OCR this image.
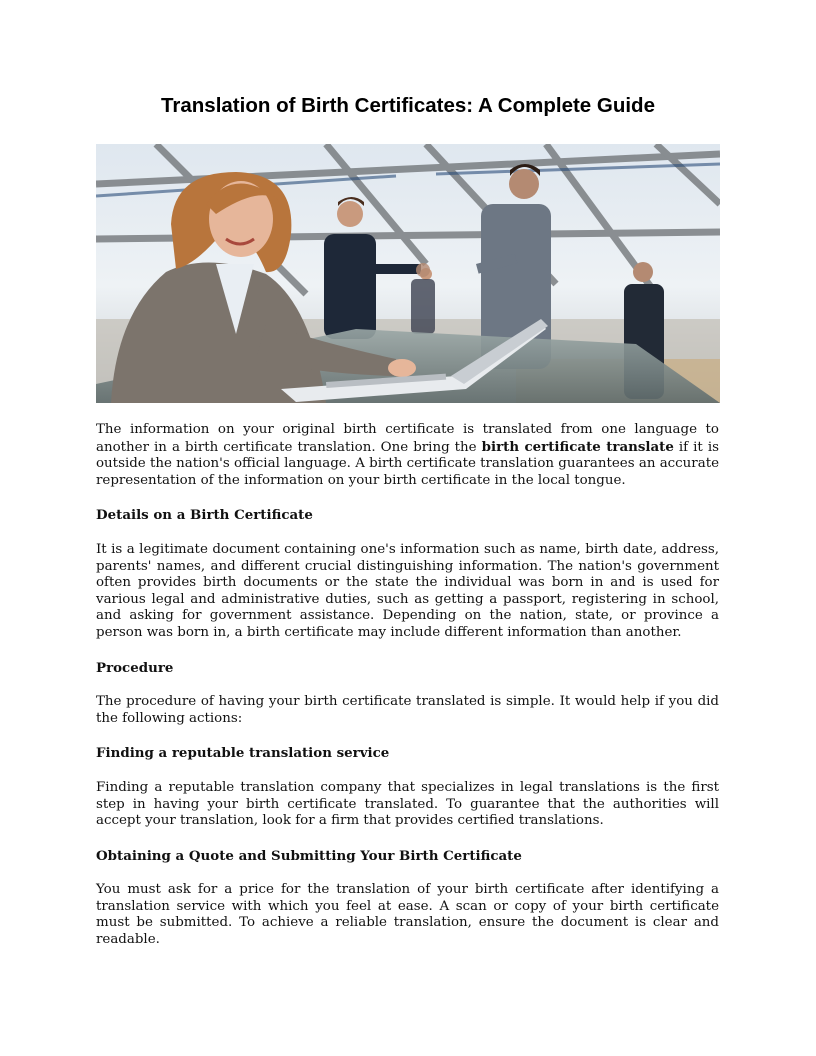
Translation of Birth Certificates: A Complete Guide

The information on your original birth certificate is translated from one language to another in a birth certificate translation. One bring the birth certificate translate if it is outside the nation's official language. A birth certificate translation guarantees an accurate representation of the information on your birth certificate in the local tongue.

Details on a Birth Certificate

It is a legitimate document containing one's information such as name, birth date, address, parents' names, and different crucial distinguishing information. The nation's government often provides birth documents or the state the individual was born in and is used for various legal and administrative duties, such as getting a passport, registering in school, and asking for government assistance. Depending on the nation, state, or province a person was born in, a birth certificate may include different information than another.

Procedure

The procedure of having your birth certificate translated is simple. It would help if you did the following actions:

Finding a reputable translation service

Finding a reputable translation company that specializes in legal translations is the first step in having your birth certificate translated. To guarantee that the authorities will accept your translation, look for a firm that provides certified translations.

Obtaining a Quote and Submitting Your Birth Certificate

You must ask for a price for the translation of your birth certificate after identifying a translation service with which you feel at ease. A scan or copy of your birth certificate must be submitted. To achieve a reliable translation, ensure the document is clear and readable.
